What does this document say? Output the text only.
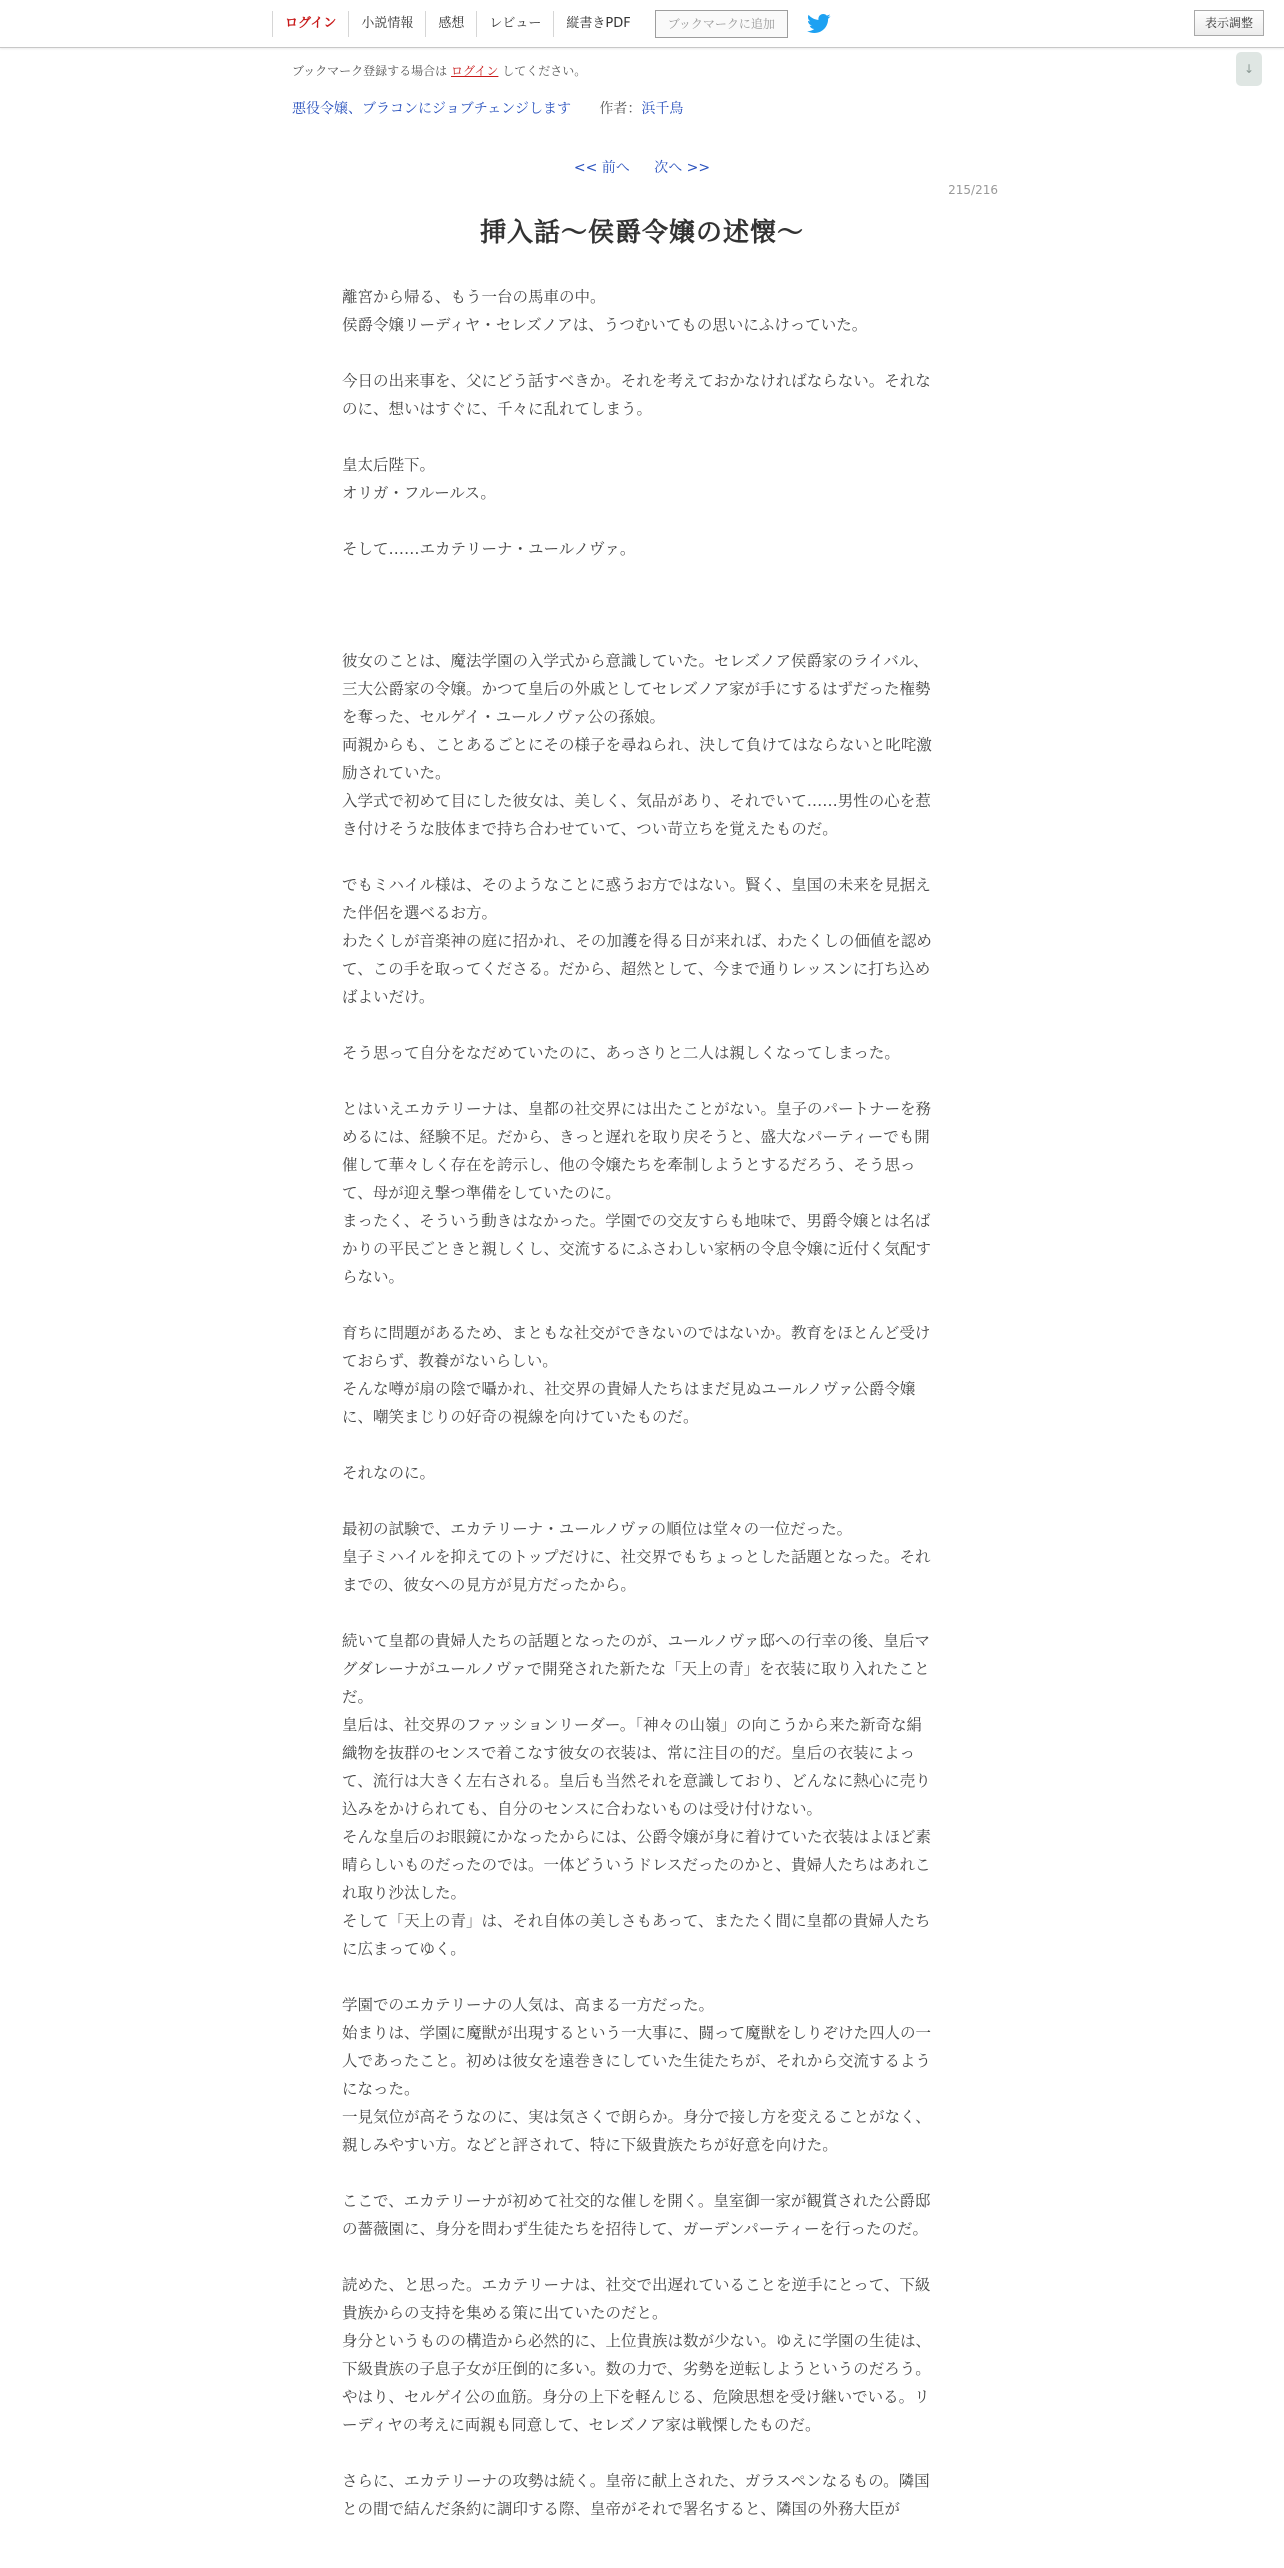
ログイン	小説情報	感想	レビュー	縦書きPDF	ブックマークに追加	表示調整
↓
ブックマーク登録する場合は ログイン してください。
悪役令嬢、ブラコンにジョブチェンジします 作者：浜千鳥
<< 前へ 次へ >>
215/216
挿入話〜侯爵令嬢の述懐〜

離宮から帰る、もう一台の馬車の中。

侯爵令嬢リーディヤ・セレズノアは、うつむいてもの思いにふけっていた。

今日の出来事を、父にどう話すべきか。それを考えておかなければならない。それなのに、想いはすぐに、千々に乱れてしまう。

皇太后陛下。

オリガ・フルールス。

そして……エカテリーナ・ユールノヴァ。

彼女のことは、魔法学園の入学式から意識していた。セレズノア侯爵家のライバル、三大公爵家の令嬢。かつて皇后の外戚としてセレズノア家が手にするはずだった権勢を奪った、セルゲイ・ユールノヴァ公の孫娘。

両親からも、ことあるごとにその様子を尋ねられ、決して負けてはならないと叱咤激励されていた。

入学式で初めて目にした彼女は、美しく、気品があり、それでいて……男性の心を惹き付けそうな肢体まで持ち合わせていて、つい苛立ちを覚えたものだ。

でもミハイル様は、そのようなことに惑うお方ではない。賢く、皇国の未来を見据えた伴侶を選べるお方。

わたくしが音楽神の庭に招かれ、その加護を得る日が来れば、わたくしの価値を認めて、この手を取ってくださる。だから、超然として、今まで通りレッスンに打ち込めばよいだけ。

そう思って自分をなだめていたのに、あっさりと二人は親しくなってしまった。

とはいえエカテリーナは、皇都の社交界には出たことがない。皇子のパートナーを務めるには、経験不足。だから、きっと遅れを取り戻そうと、盛大なパーティーでも開催して華々しく存在を誇示し、他の令嬢たちを牽制しようとするだろう、そう思って、母が迎え撃つ準備をしていたのに。

まったく、そういう動きはなかった。学園での交友すらも地味で、男爵令嬢とは名ばかりの平民ごときと親しくし、交流するにふさわしい家柄の令息令嬢に近付く気配すらない。

育ちに問題があるため、まともな社交ができないのではないか。教育をほとんど受けておらず、教養がないらしい。

そんな噂が扇の陰で囁かれ、社交界の貴婦人たちはまだ見ぬユールノヴァ公爵令嬢に、嘲笑まじりの好奇の視線を向けていたものだ。

それなのに。

最初の試験で、エカテリーナ・ユールノヴァの順位は堂々の一位だった。

皇子ミハイルを抑えてのトップだけに、社交界でもちょっとした話題となった。それまでの、彼女への見方が見方だったから。

続いて皇都の貴婦人たちの話題となったのが、ユールノヴァ邸への行幸の後、皇后マグダレーナがユールノヴァで開発された新たな「天上の青」を衣装に取り入れたことだ。

皇后は、社交界のファッションリーダー。「神々の山嶺」の向こうから来た新奇な絹織物を抜群のセンスで着こなす彼女の衣装は、常に注目の的だ。皇后の衣装によって、流行は大きく左右される。皇后も当然それを意識しており、どんなに熱心に売り込みをかけられても、自分のセンスに合わないものは受け付けない。

そんな皇后のお眼鏡にかなったからには、公爵令嬢が身に着けていた衣装はよほど素晴らしいものだったのでは。一体どういうドレスだったのかと、貴婦人たちはあれこれ取り沙汰した。

そして「天上の青」は、それ自体の美しさもあって、またたく間に皇都の貴婦人たちに広まってゆく。

学園でのエカテリーナの人気は、高まる一方だった。

始まりは、学園に魔獣が出現するという一大事に、闘って魔獣をしりぞけた四人の一人であったこと。初めは彼女を遠巻きにしていた生徒たちが、それから交流するようになった。

一見気位が高そうなのに、実は気さくで朗らか。身分で接し方を変えることがなく、親しみやすい方。などと評されて、特に下級貴族たちが好意を向けた。

ここで、エカテリーナが初めて社交的な催しを開く。皇室御一家が観賞された公爵邸の薔薇園に、身分を問わず生徒たちを招待して、ガーデンパーティーを行ったのだ。

読めた、と思った。エカテリーナは、社交で出遅れていることを逆手にとって、下級貴族からの支持を集める策に出ていたのだと。

身分というものの構造から必然的に、上位貴族は数が少ない。ゆえに学園の生徒は、下級貴族の子息子女が圧倒的に多い。数の力で、劣勢を逆転しようというのだろう。

やはり、セルゲイ公の血筋。身分の上下を軽んじる、危険思想を受け継いでいる。リーディヤの考えに両親も同意して、セレズノア家は戦慄したものだ。

さらに、エカテリーナの攻勢は続く。皇帝に献上された、ガラスペンなるもの。隣国との間で結んだ条約に調印する際、皇帝がそれで署名すると、隣国の外務大臣が
